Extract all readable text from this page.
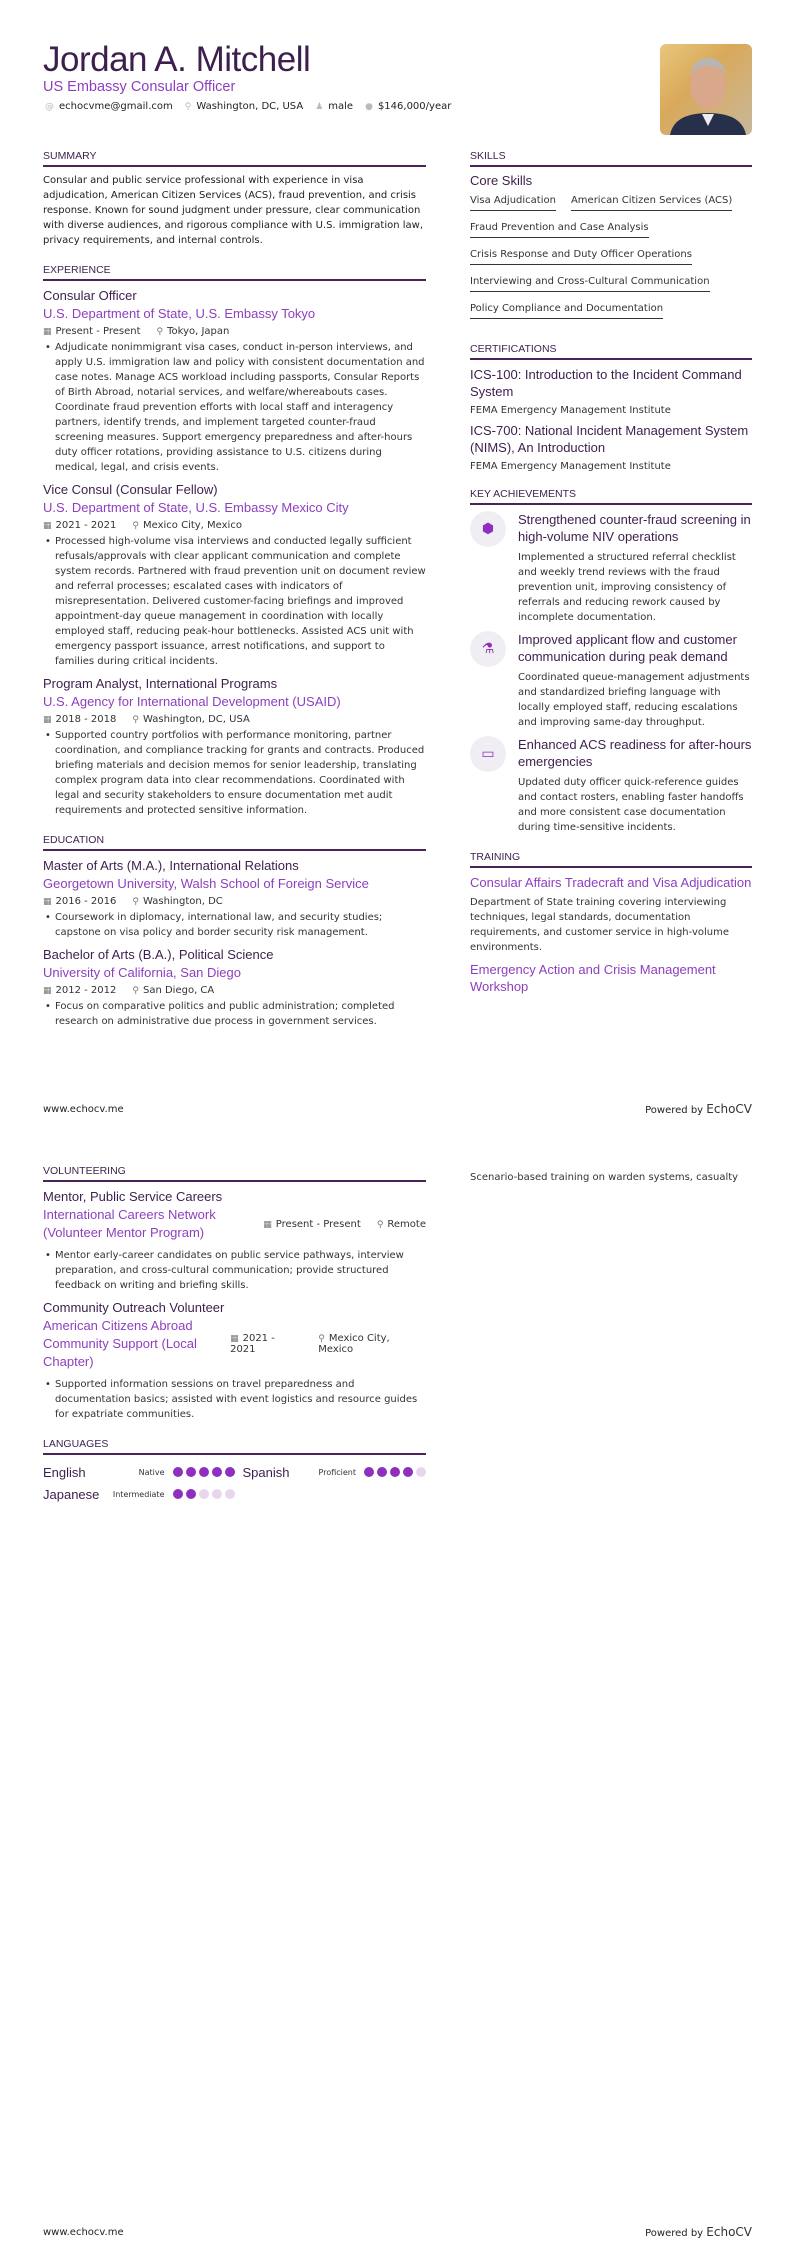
Jordan A. Mitchell
US Embassy Consular Officer
@ echocvme@gmail.com ⚲ Washington, DC, USA ♟ male ● $146,000/year
SUMMARY
Consular and public service professional with experience in visa adjudication, American Citizen Services (ACS), fraud prevention, and crisis response. Known for sound judgment under pressure, clear communication with diverse audiences, and rigorous compliance with U.S. immigration law, privacy requirements, and internal controls.
EXPERIENCE
Consular Officer
U.S. Department of State, U.S. Embassy Tokyo
▦ Present - Present ⚲ Tokyo, Japan
• Adjudicate nonimmigrant visa cases, conduct in-person interviews, and apply U.S. immigration law and policy with consistent documentation and case notes. Manage ACS workload including passports, Consular Reports of Birth Abroad, notarial services, and welfare/whereabouts cases. Coordinate fraud prevention efforts with local staff and interagency partners, identify trends, and implement targeted counter-fraud screening measures. Support emergency preparedness and after-hours duty officer rotations, providing assistance to U.S. citizens during medical, legal, and crisis events.
Vice Consul (Consular Fellow)
U.S. Department of State, U.S. Embassy Mexico City
▦ 2021 - 2021 ⚲ Mexico City, Mexico
• Processed high-volume visa interviews and conducted legally sufficient refusals/approvals with clear applicant communication and complete system records. Partnered with fraud prevention unit on document review and referral processes; escalated cases with indicators of misrepresentation. Delivered customer-facing briefings and improved appointment-day queue management in coordination with locally employed staff, reducing peak-hour bottlenecks. Assisted ACS unit with emergency passport issuance, arrest notifications, and support to families during critical incidents.
Program Analyst, International Programs
U.S. Agency for International Development (USAID)
▦ 2018 - 2018 ⚲ Washington, DC, USA
• Supported country portfolios with performance monitoring, partner coordination, and compliance tracking for grants and contracts. Produced briefing materials and decision memos for senior leadership, translating complex program data into clear recommendations. Coordinated with legal and security stakeholders to ensure documentation met audit requirements and protected sensitive information.
EDUCATION
Master of Arts (M.A.), International Relations
Georgetown University, Walsh School of Foreign Service
▦ 2016 - 2016 ⚲ Washington, DC
• Coursework in diplomacy, international law, and security studies; capstone on visa policy and border security risk management.
Bachelor of Arts (B.A.), Political Science
University of California, San Diego
▦ 2012 - 2012 ⚲ San Diego, CA
• Focus on comparative politics and public administration; completed research on administrative due process in government services.
SKILLS
Core Skills
Visa Adjudication American Citizen Services (ACS)
Fraud Prevention and Case Analysis
Crisis Response and Duty Officer Operations
Interviewing and Cross-Cultural Communication
Policy Compliance and Documentation
CERTIFICATIONS
ICS-100: Introduction to the Incident Command System
FEMA Emergency Management Institute
ICS-700: National Incident Management System (NIMS), An Introduction
FEMA Emergency Management Institute
KEY ACHIEVEMENTS
⬢
Strengthened counter-fraud screening in high-volume NIV operations
Implemented a structured referral checklist and weekly trend reviews with the fraud prevention unit, improving consistency of referrals and reducing rework caused by incomplete documentation.
⚗
Improved applicant flow and customer communication during peak demand
Coordinated queue-management adjustments and standardized briefing language with locally employed staff, reducing escalations and improving same-day throughput.
▭
Enhanced ACS readiness for after-hours emergencies
Updated duty officer quick-reference guides and contact rosters, enabling faster handoffs and more consistent case documentation during time-sensitive incidents.
TRAINING
Consular Affairs Tradecraft and Visa Adjudication
Department of State training covering interviewing techniques, legal standards, documentation requirements, and customer service in high-volume environments.
Emergency Action and Crisis Management Workshop
www.echocv.me	Powered by EchoCV
VOLUNTEERING
Mentor, Public Service Careers
International Careers Network (Volunteer Mentor Program)
▦ Present - Present ⚲ Remote
• Mentor early-career candidates on public service pathways, interview preparation, and cross-cultural communication; provide structured feedback on writing and briefing skills.
Community Outreach Volunteer
American Citizens Abroad Community Support (Local Chapter)
▦ 2021 - 2021
⚲ Mexico City, Mexico
• Supported information sessions on travel preparedness and documentation basics; assisted with event logistics and resource guides for expatriate communities.
LANGUAGES
English	Native	Spanish	Proficient
Japanese	Intermediate
Scenario-based training on warden systems, casualty
www.echocv.me	Powered by EchoCV
